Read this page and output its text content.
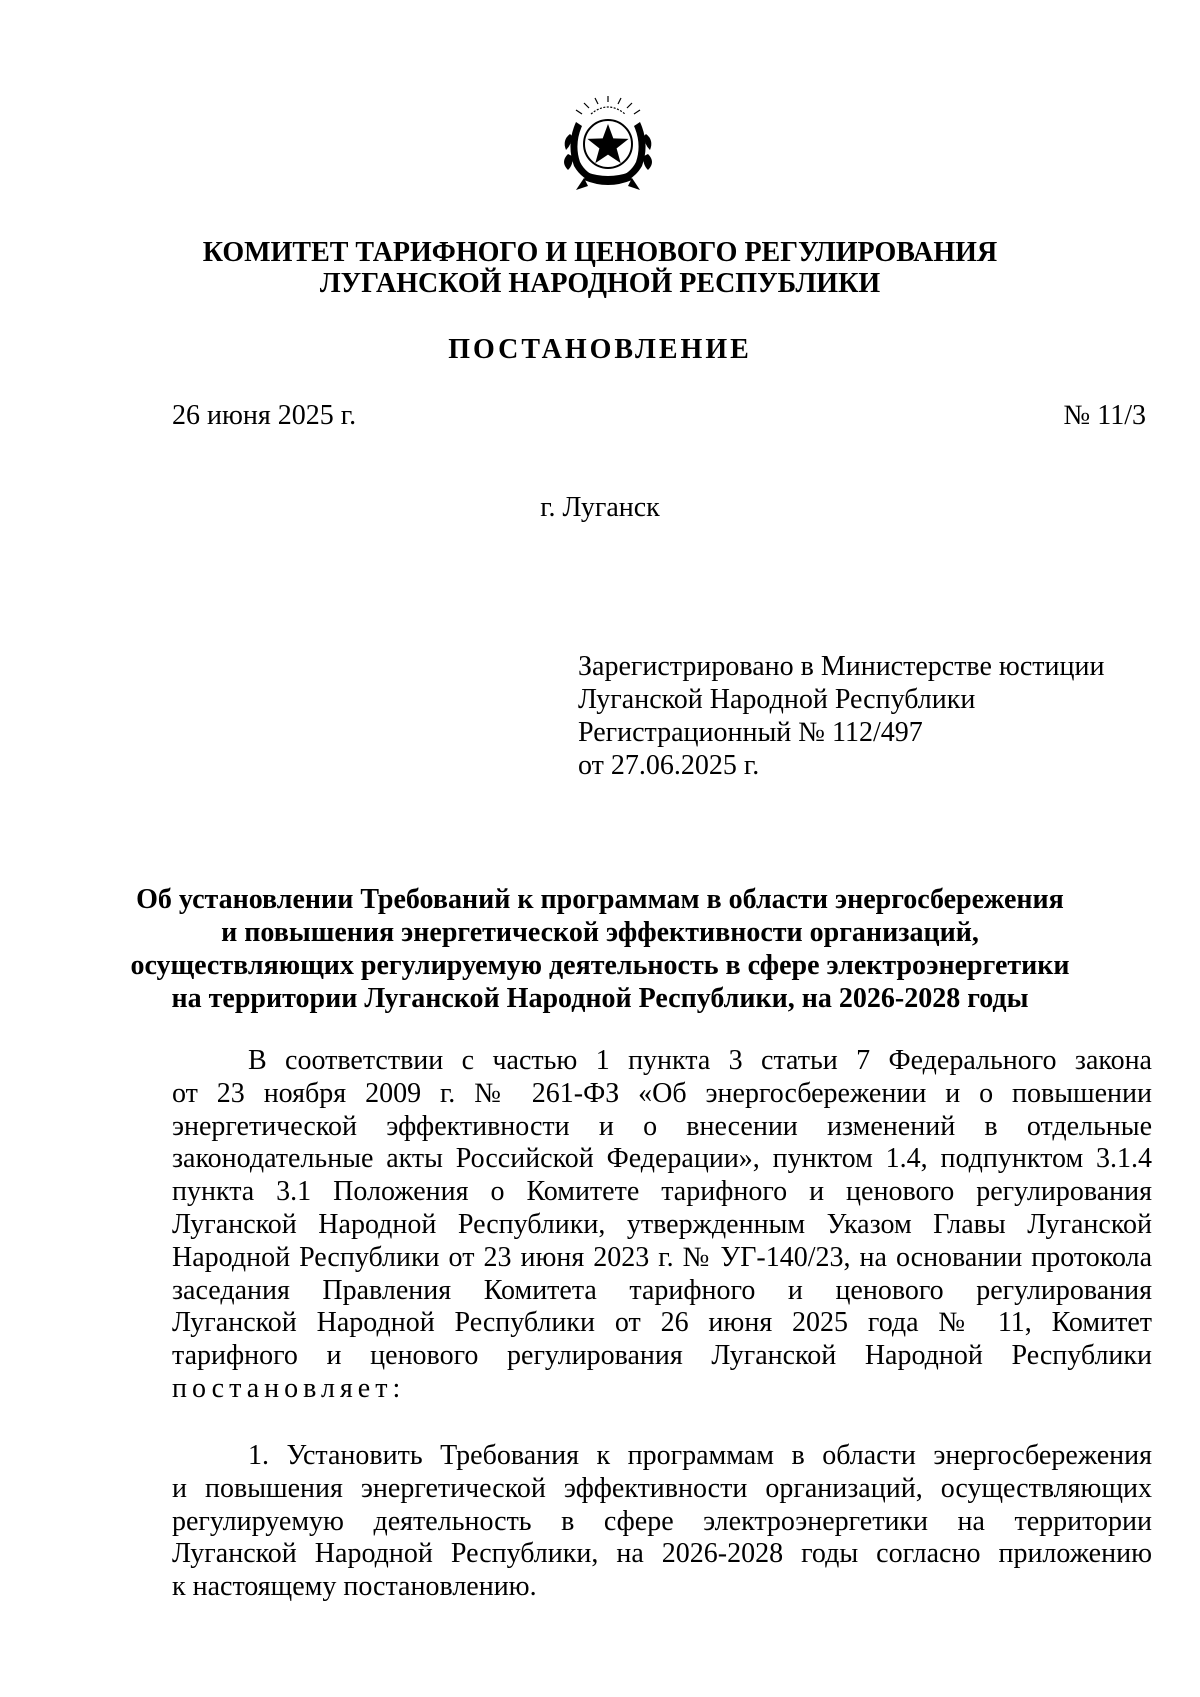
КОМИТЕТ ТАРИФНОГО И ЦЕНОВОГО РЕГУЛИРОВАНИЯ

ЛУГАНСКОЙ НАРОДНОЙ РЕСПУБЛИКИ

ПОСТАНОВЛЕНИЕ

26 июня 2025 г.	№ 11/3

г. Луганск

Зарегистрировано в Министерстве юстиции
Луганской Народной Республики
Регистрационный № 112/497
от 27.06.2025 г.
Об установлении Требований к программам в области энергосбережения
и повышения энергетической эффективности организаций,
осуществляющих регулируемую деятельность в сфере электроэнергетики
на территории Луганской Народной Республики, на 2026-2028 годы
В соответствии с частью 1 пункта 3 статьи 7 Федерального закона
от 23 ноября 2009 г. № 261-ФЗ «Об энергосбережении и о повышении
энергетической эффективности и о внесении изменений в отдельные
законодательные акты Российской Федерации», пунктом 1.4, подпунктом 3.1.4
пункта 3.1 Положения о Комитете тарифного и ценового регулирования
Луганской Народной Республики, утвержденным Указом Главы Луганской
Народной Республики от 23 июня 2023 г. № УГ-140/23, на основании протокола
заседания Правления Комитета тарифного и ценового регулирования
Луганской Народной Республики от 26 июня 2025 года № 11, Комитет
тарифного и ценового регулирования Луганской Народной Республики
постановляет:
1. Установить Требования к программам в области энергосбережения
и повышения энергетической эффективности организаций, осуществляющих
регулируемую деятельность в сфере электроэнергетики на территории
Луганской Народной Республики, на 2026-2028 годы согласно приложению
к настоящему постановлению.
